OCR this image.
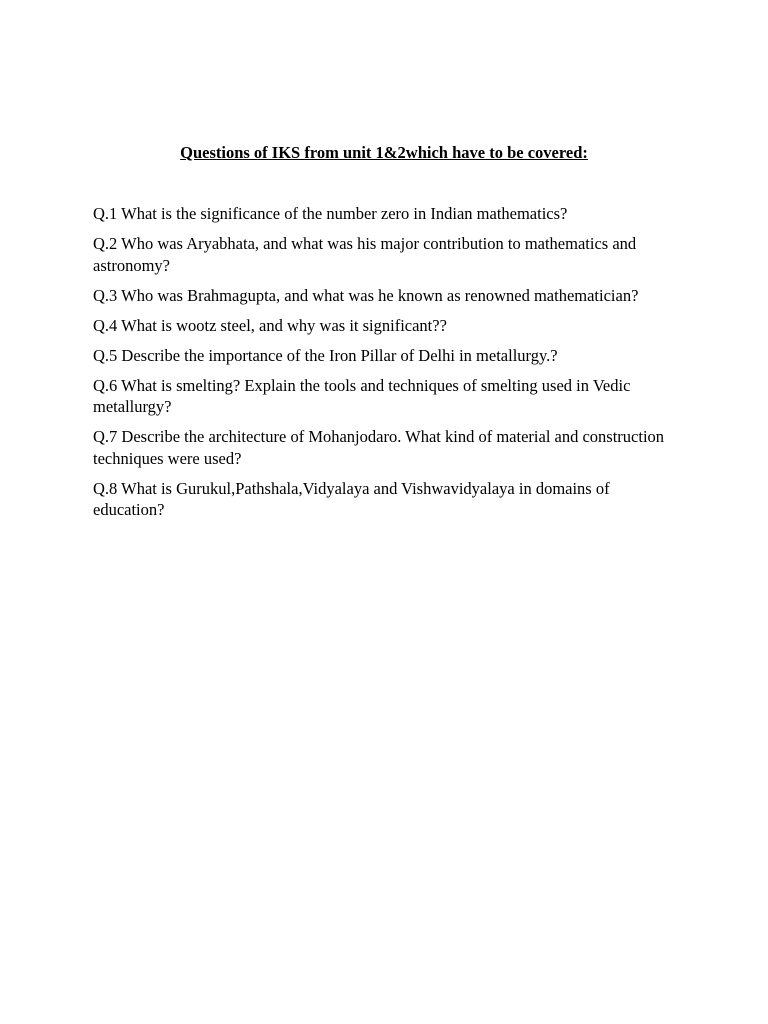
Questions of IKS from unit 1&2which have to be covered:
Q.1 What is the significance of the number zero in Indian mathematics?
Q.2 Who was Aryabhata, and what was his major contribution to mathematics and astronomy?
Q.3 Who was Brahmagupta, and what was he known as renowned mathematician?
Q.4 What is wootz steel, and why was it significant??
Q.5 Describe the importance of the Iron Pillar of Delhi in metallurgy.?
Q.6 What is smelting? Explain the tools and techniques of smelting used in Vedic metallurgy?
Q.7 Describe the architecture of Mohanjodaro. What kind of material and construction techniques were used?
Q.8 What is Gurukul,Pathshala,Vidyalaya and Vishwavidyalaya in domains of education?
